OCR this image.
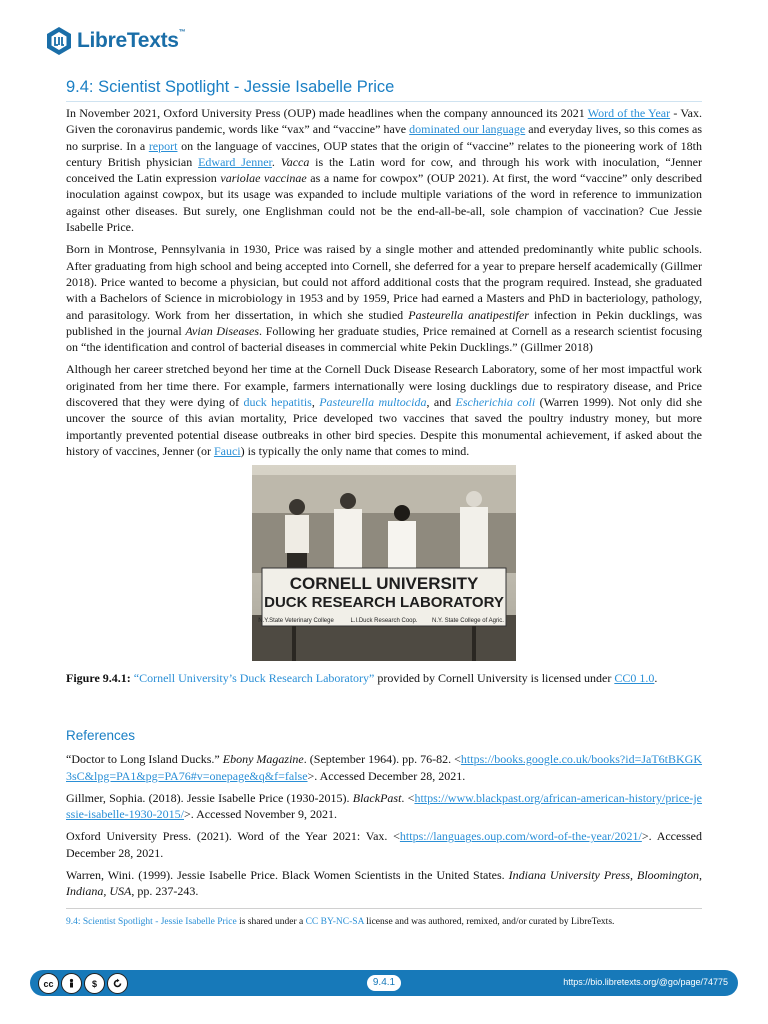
LibreTexts™
9.4: Scientist Spotlight - Jessie Isabelle Price

In November 2021, Oxford University Press (OUP) made headlines when the company announced its 2021 Word of the Year - Vax. Given the coronavirus pandemic, words like “vax” and “vaccine” have dominated our language and everyday lives, so this comes as no surprise. In a report on the language of vaccines, OUP states that the origin of “vaccine” relates to the pioneering work of 18th century British physician Edward Jenner. Vacca is the Latin word for cow, and through his work with inoculation, “Jenner conceived the Latin expression variolae vaccinae as a name for cowpox” (OUP 2021). At first, the word “vaccine” only described inoculation against cowpox, but its usage was expanded to include multiple variations of the word in reference to immunization against other diseases. But surely, one Englishman could not be the end-all-be-all, sole champion of vaccination? Cue Jessie Isabelle Price.

Born in Montrose, Pennsylvania in 1930, Price was raised by a single mother and attended predominantly white public schools. After graduating from high school and being accepted into Cornell, she deferred for a year to prepare herself academically (Gillmer 2018). Price wanted to become a physician, but could not afford additional costs that the program required. Instead, she graduated with a Bachelors of Science in microbiology in 1953 and by 1959, Price had earned a Masters and PhD in bacteriology, pathology, and parasitology. Work from her dissertation, in which she studied Pasteurella anatipestifer infection in Pekin ducklings, was published in the journal Avian Diseases. Following her graduate studies, Price remained at Cornell as a research scientist focusing on “the identification and control of bacterial diseases in commercial white Pekin Ducklings.” (Gillmer 2018)

Although her career stretched beyond her time at the Cornell Duck Disease Research Laboratory, some of her most impactful work originated from her time there. For example, farmers internationally were losing ducklings due to respiratory disease, and Price discovered that they were dying of duck hepatitis, Pasteurella multocida, and Escherichia coli (Warren 1999). Not only did she uncover the source of this avian mortality, Price developed two vaccines that saved the poultry industry money, but more importantly prevented potential disease outbreaks in other bird species. Despite this monumental achievement, if asked about the history of vaccines, Jenner (or Fauci) is typically the only name that comes to mind.

CORNELL UNIVERSITY
DUCK RESEARCH LABORATORY
N.Y.State Veterinary College	L.I.Duck Research Coop. N.Y. State College of Agric.

Figure 9.4.1: “Cornell University’s Duck Research Laboratory” provided by Cornell University is licensed under CC0 1.0.

References

“Doctor to Long Island Ducks.” Ebony Magazine. (September 1964). pp. 76-82. <https://books.google.co.uk/books?id=JaT6tBKGK3sC&lpg=PA1&pg=PA76#v=onepage&q&f=false>. Accessed December 28, 2021.

Gillmer, Sophia. (2018). Jessie Isabelle Price (1930-2015). BlackPast. <https://www.blackpast.org/african-american-history/price-jessie-isabelle-1930-2015/>. Accessed November 9, 2021.

Oxford University Press. (2021). Word of the Year 2021: Vax. <https://languages.oup.com/word-of-the-year/2021/>. Accessed December 28, 2021.

Warren, Wini. (1999). Jessie Isabelle Price. Black Women Scientists in the United States. Indiana University Press, Bloomington, Indiana, USA, pp. 237-243.

9.4: Scientist Spotlight - Jessie Isabelle Price is shared under a CC BY-NC-SA license and was authored, remixed, and/or curated by LibreTexts.
cc	$	9.4.1	https://bio.libretexts.org/@go/page/74775
